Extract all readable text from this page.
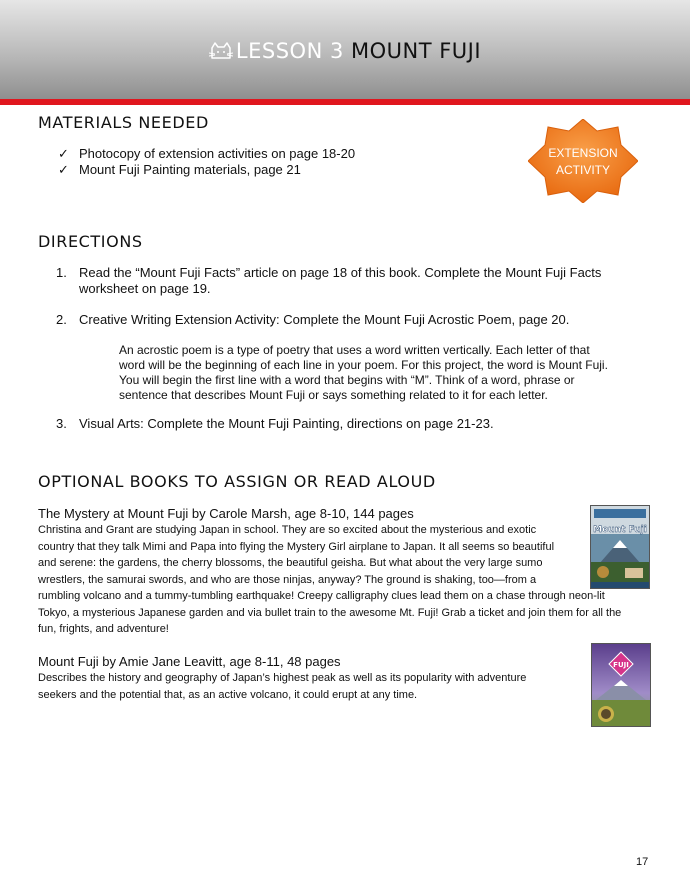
LESSON 3 MOUNT FUJI
MATERIALS NEEDED
✓ Photocopy of extension activities on page 18-20
✓ Mount Fuji Painting materials, page 21
EXTENSION
ACTIVITY
DIRECTIONS
1. Read the “Mount Fuji Facts” article on page 18 of this book. Complete the Mount Fuji Facts
worksheet on page 19.
2. Creative Writing Extension Activity: Complete the Mount Fuji Acrostic Poem, page 20.
An acrostic poem is a type of poetry that uses a word written vertically. Each letter of that
word will be the beginning of each line in your poem. For this project, the word is Mount Fuji.
You will begin the first line with a word that begins with “M”. Think of a word, phrase or
sentence that describes Mount Fuji or says something related to it for each letter.
3. Visual Arts: Complete the Mount Fuji Painting, directions on page 21-23.
OPTIONAL BOOKS TO ASSIGN OR READ ALOUD
The Mystery at Mount Fuji by Carole Marsh, age 8-10, 144 pages
Christina and Grant are studying Japan in school. They are so excited about the mysterious and exotic
country that they talk Mimi and Papa into flying the Mystery Girl airplane to Japan. It all seems so beautiful
and serene: the gardens, the cherry blossoms, the beautiful geisha. But what about the very large sumo
wrestlers, the samurai swords, and who are those ninjas, anyway? The ground is shaking, too—from a
rumbling volcano and a tummy-tumbling earthquake! Creepy calligraphy clues lead them on a chase through neon-lit
Tokyo, a mysterious Japanese garden and via bullet train to the awesome Mt. Fuji! Grab a ticket and join them for all the
fun, frights, and adventure!
Mount Fuji
Mount Fuji by Amie Jane Leavitt, age 8-11, 48 pages
Describes the history and geography of Japan’s highest peak as well as its popularity with adventure
seekers and the potential that, as an active volcano, it could erupt at any time.
FUJI
17
